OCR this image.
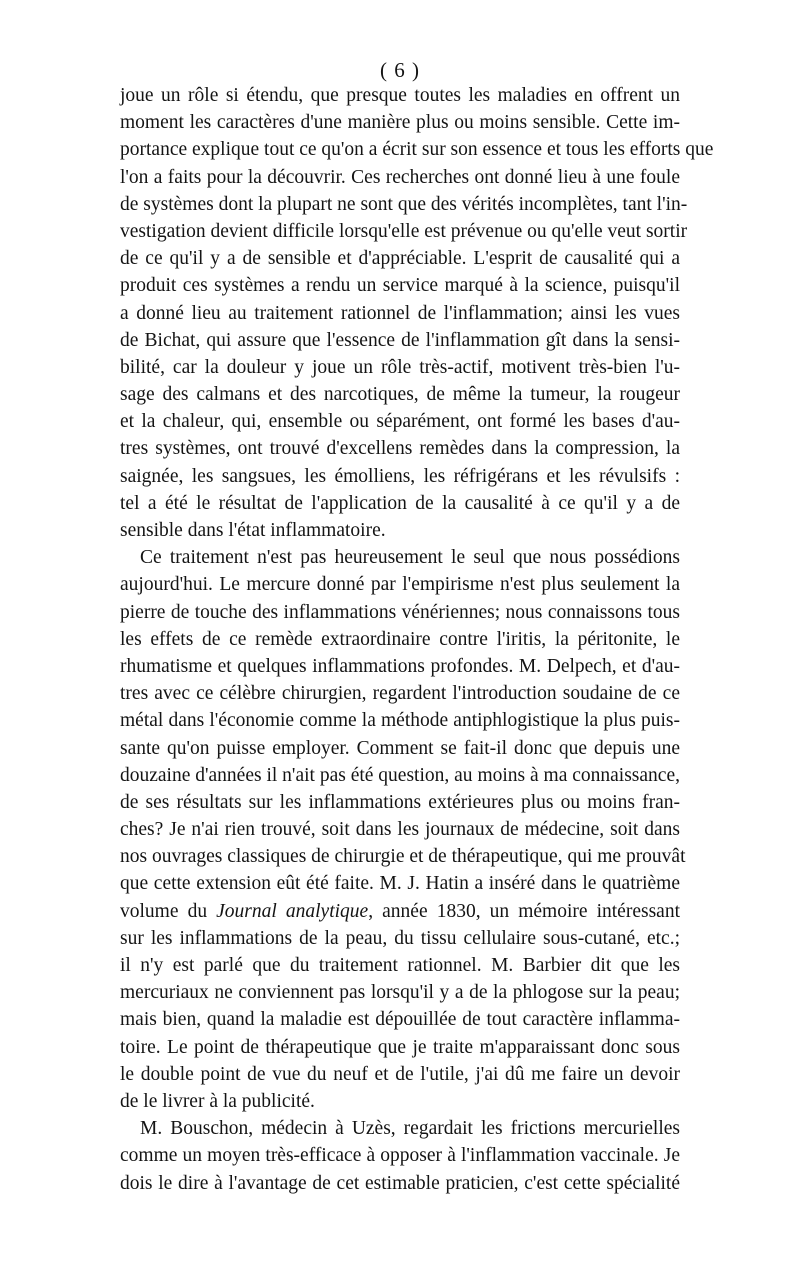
( 6 )
joue un rôle si étendu, que presque toutes les maladies en offrent un
moment les caractères d'une manière plus ou moins sensible. Cette im-
portance explique tout ce qu'on a écrit sur son essence et tous les efforts que
l'on a faits pour la découvrir. Ces recherches ont donné lieu à une foule
de systèmes dont la plupart ne sont que des vérités incomplètes, tant l'in-
vestigation devient difficile lorsqu'elle est prévenue ou qu'elle veut sortir
de ce qu'il y a de sensible et d'appréciable. L'esprit de causalité qui a
produit ces systèmes a rendu un service marqué à la science, puisqu'il
a donné lieu au traitement rationnel de l'inflammation; ainsi les vues
de Bichat, qui assure que l'essence de l'inflammation gît dans la sensi-
bilité, car la douleur y joue un rôle très-actif, motivent très-bien l'u-
sage des calmans et des narcotiques, de même la tumeur, la rougeur
et la chaleur, qui, ensemble ou séparément, ont formé les bases d'au-
tres systèmes, ont trouvé d'excellens remèdes dans la compression, la
saignée, les sangsues, les émolliens, les réfrigérans et les révulsifs :
tel a été le résultat de l'application de la causalité à ce qu'il y a de
sensible dans l'état inflammatoire.
Ce traitement n'est pas heureusement le seul que nous possédions
aujourd'hui. Le mercure donné par l'empirisme n'est plus seulement la
pierre de touche des inflammations vénériennes; nous connaissons tous
les effets de ce remède extraordinaire contre l'iritis, la péritonite, le
rhumatisme et quelques inflammations profondes. M. Delpech, et d'au-
tres avec ce célèbre chirurgien, regardent l'introduction soudaine de ce
métal dans l'économie comme la méthode antiphlogistique la plus puis-
sante qu'on puisse employer. Comment se fait-il donc que depuis une
douzaine d'années il n'ait pas été question, au moins à ma connaissance,
de ses résultats sur les inflammations extérieures plus ou moins fran-
ches? Je n'ai rien trouvé, soit dans les journaux de médecine, soit dans
nos ouvrages classiques de chirurgie et de thérapeutique, qui me prouvât
que cette extension eût été faite. M. J. Hatin a inséré dans le quatrième
volume du Journal analytique, année 1830, un mémoire intéressant
sur les inflammations de la peau, du tissu cellulaire sous-cutané, etc.;
il n'y est parlé que du traitement rationnel. M. Barbier dit que les
mercuriaux ne conviennent pas lorsqu'il y a de la phlogose sur la peau;
mais bien, quand la maladie est dépouillée de tout caractère inflamma-
toire. Le point de thérapeutique que je traite m'apparaissant donc sous
le double point de vue du neuf et de l'utile, j'ai dû me faire un devoir
de le livrer à la publicité.
M. Bouschon, médecin à Uzès, regardait les frictions mercurielles
comme un moyen très-efficace à opposer à l'inflammation vaccinale. Je
dois le dire à l'avantage de cet estimable praticien, c'est cette spécialité
